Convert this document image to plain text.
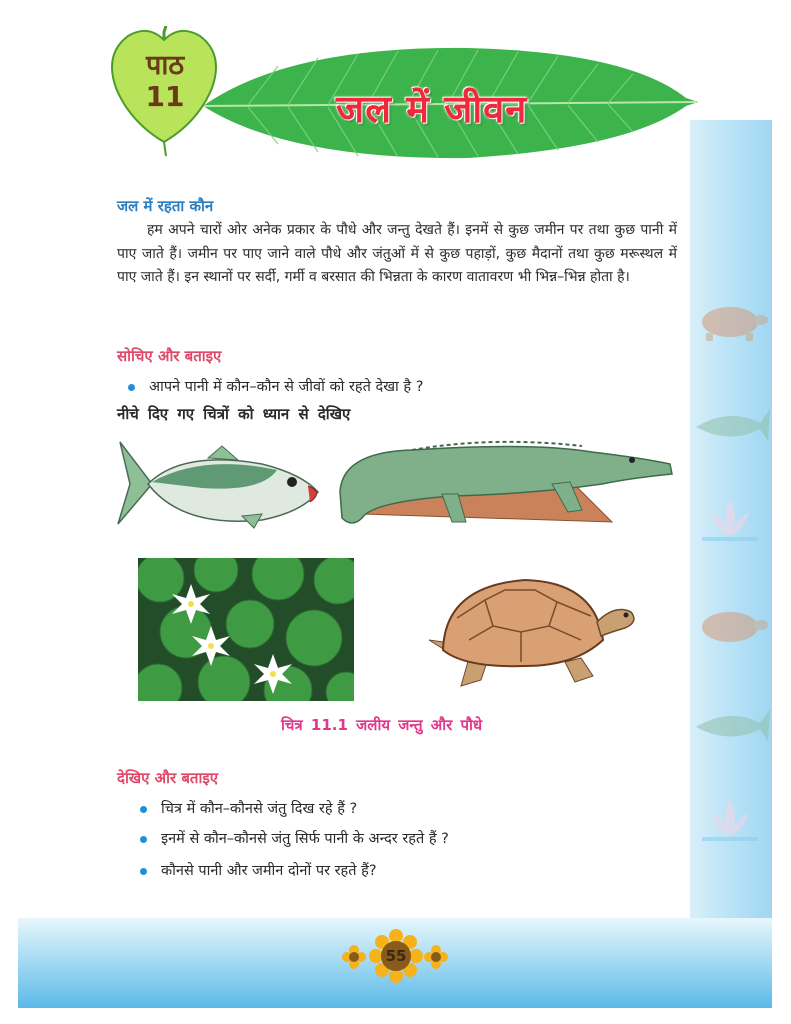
पाठ
11	जल में जीवन
जल में रहता कौन
हम अपने चारों ओर अनेक प्रकार के पौधे और जन्तु देखते हैं। इनमें से कुछ जमीन पर तथा कुछ पानी में पाए जाते हैं। जमीन पर पाए जाने वाले पौधे और जंतुओं में से कुछ पहाड़ों, कुछ मैदानों तथा कुछ मरूस्थल में पाए जाते हैं। इन स्थानों पर सर्दी, गर्मी व बरसात की भिन्नता के कारण वातावरण भी भिन्न–भिन्न होता है।
सोचिए और बताइए
आपने पानी में कौन–कौन से जीवों को रहते देखा है ?
नीचे दिए गए चित्रों को ध्यान से देखिए
चित्र 11.1 जलीय जन्तु और पौधे
देखिए और बताइए
चित्र में कौन–कौनसे जंतु दिख रहे हैं ?
इनमें से कौन–कौनसे जंतु सिर्फ पानी के अन्दर रहते हैं ?
कौनसे पानी और जमीन दोनों पर रहते हैं?
55
